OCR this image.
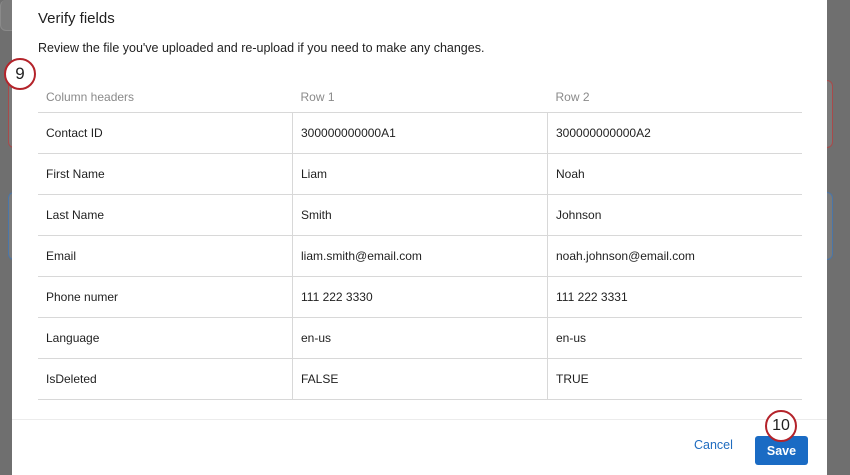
Verify fields
Review the file you've uploaded and re-upload if you need to make any changes.
Column headers	Row 1	Row 2
Contact ID	300000000000A1	300000000000A2
First Name	Liam	Noah
Last Name	Smith	Johnson
Email	liam.smith@email.com	noah.johnson@email.com
Phone numer	111 222 3330	111 222 3331
Language	en-us	en-us
IsDeleted	FALSE	TRUE
Cancel	Save
10
9
